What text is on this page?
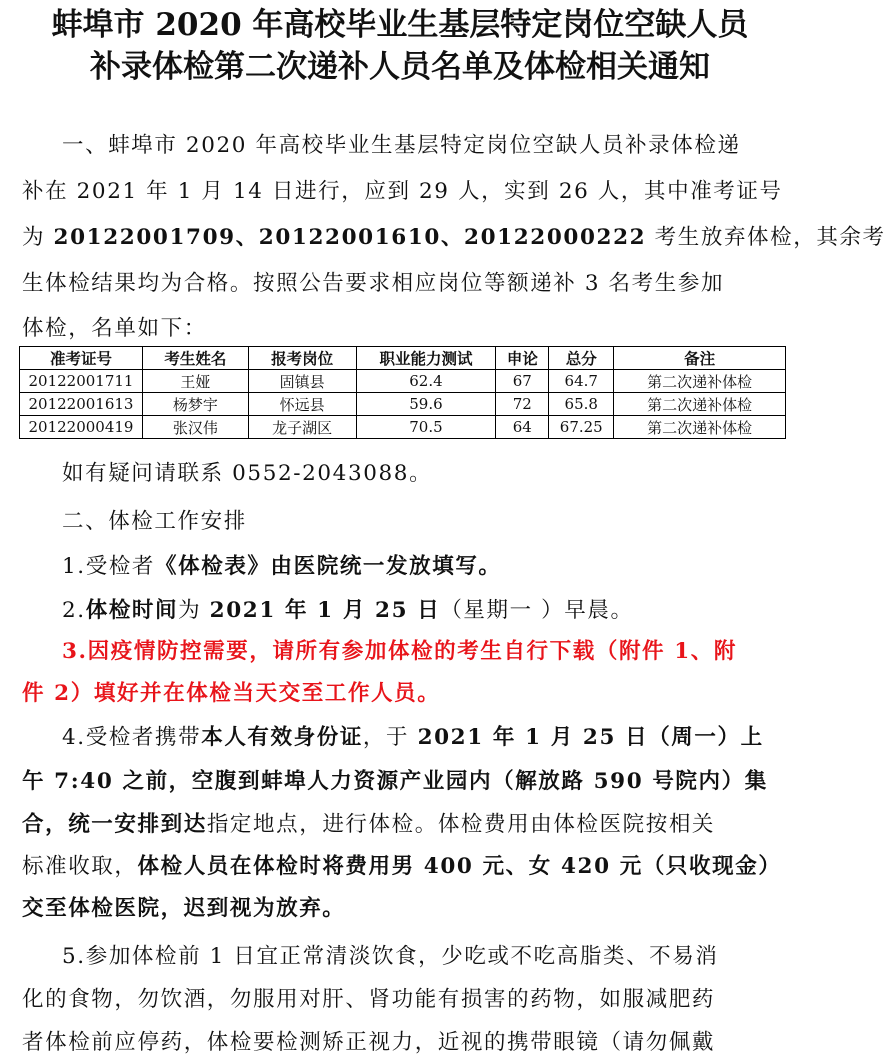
蚌埠市 2020 年高校毕业生基层特定岗位空缺人员
补录体检第二次递补人员名单及体检相关通知
一、蚌埠市 2020 年高校毕业生基层特定岗位空缺人员补录体检递
补在 2021 年 1 月 14 日进行，应到 29 人，实到 26 人，其中准考证号
为 20122001709、20122001610、20122000222 考生放弃体检，其余考
生体检结果均为合格。按照公告要求相应岗位等额递补 3 名考生参加
体检，名单如下：
准考证号	考生姓名	报考岗位	职业能力测试	申论	总分	备注
20122001711	王娅	固镇县	62.4	67	64.7	第二次递补体检
20122001613	杨梦宇	怀远县	59.6	72	65.8	第二次递补体检
20122000419	张汉伟	龙子湖区	70.5	64	67.25	第二次递补体检
如有疑问请联系 0552-2043088。
二、体检工作安排
1.受检者《体检表》由医院统一发放填写。
2.体检时间为 2021 年 1 月 25 日（星期一 ）早晨。
3.因疫情防控需要，请所有参加体检的考生自行下载（附件 1、附
件 2）填好并在体检当天交至工作人员。
4.受检者携带本人有效身份证，于 2021 年 1 月 25 日（周一）上
午 7:40 之前，空腹到蚌埠人力资源产业园内（解放路 590 号院内）集
合，统一安排到达指定地点，进行体检。体检费用由体检医院按相关
标准收取，体检人员在体检时将费用男 400 元、女 420 元（只收现金）
交至体检医院，迟到视为放弃。
5.参加体检前 1 日宜正常清淡饮食，少吃或不吃高脂类、不易消
化的食物，勿饮酒，勿服用对肝、肾功能有损害的药物，如服减肥药
者体检前应停药，体检要检测矫正视力，近视的携带眼镜（请勿佩戴
